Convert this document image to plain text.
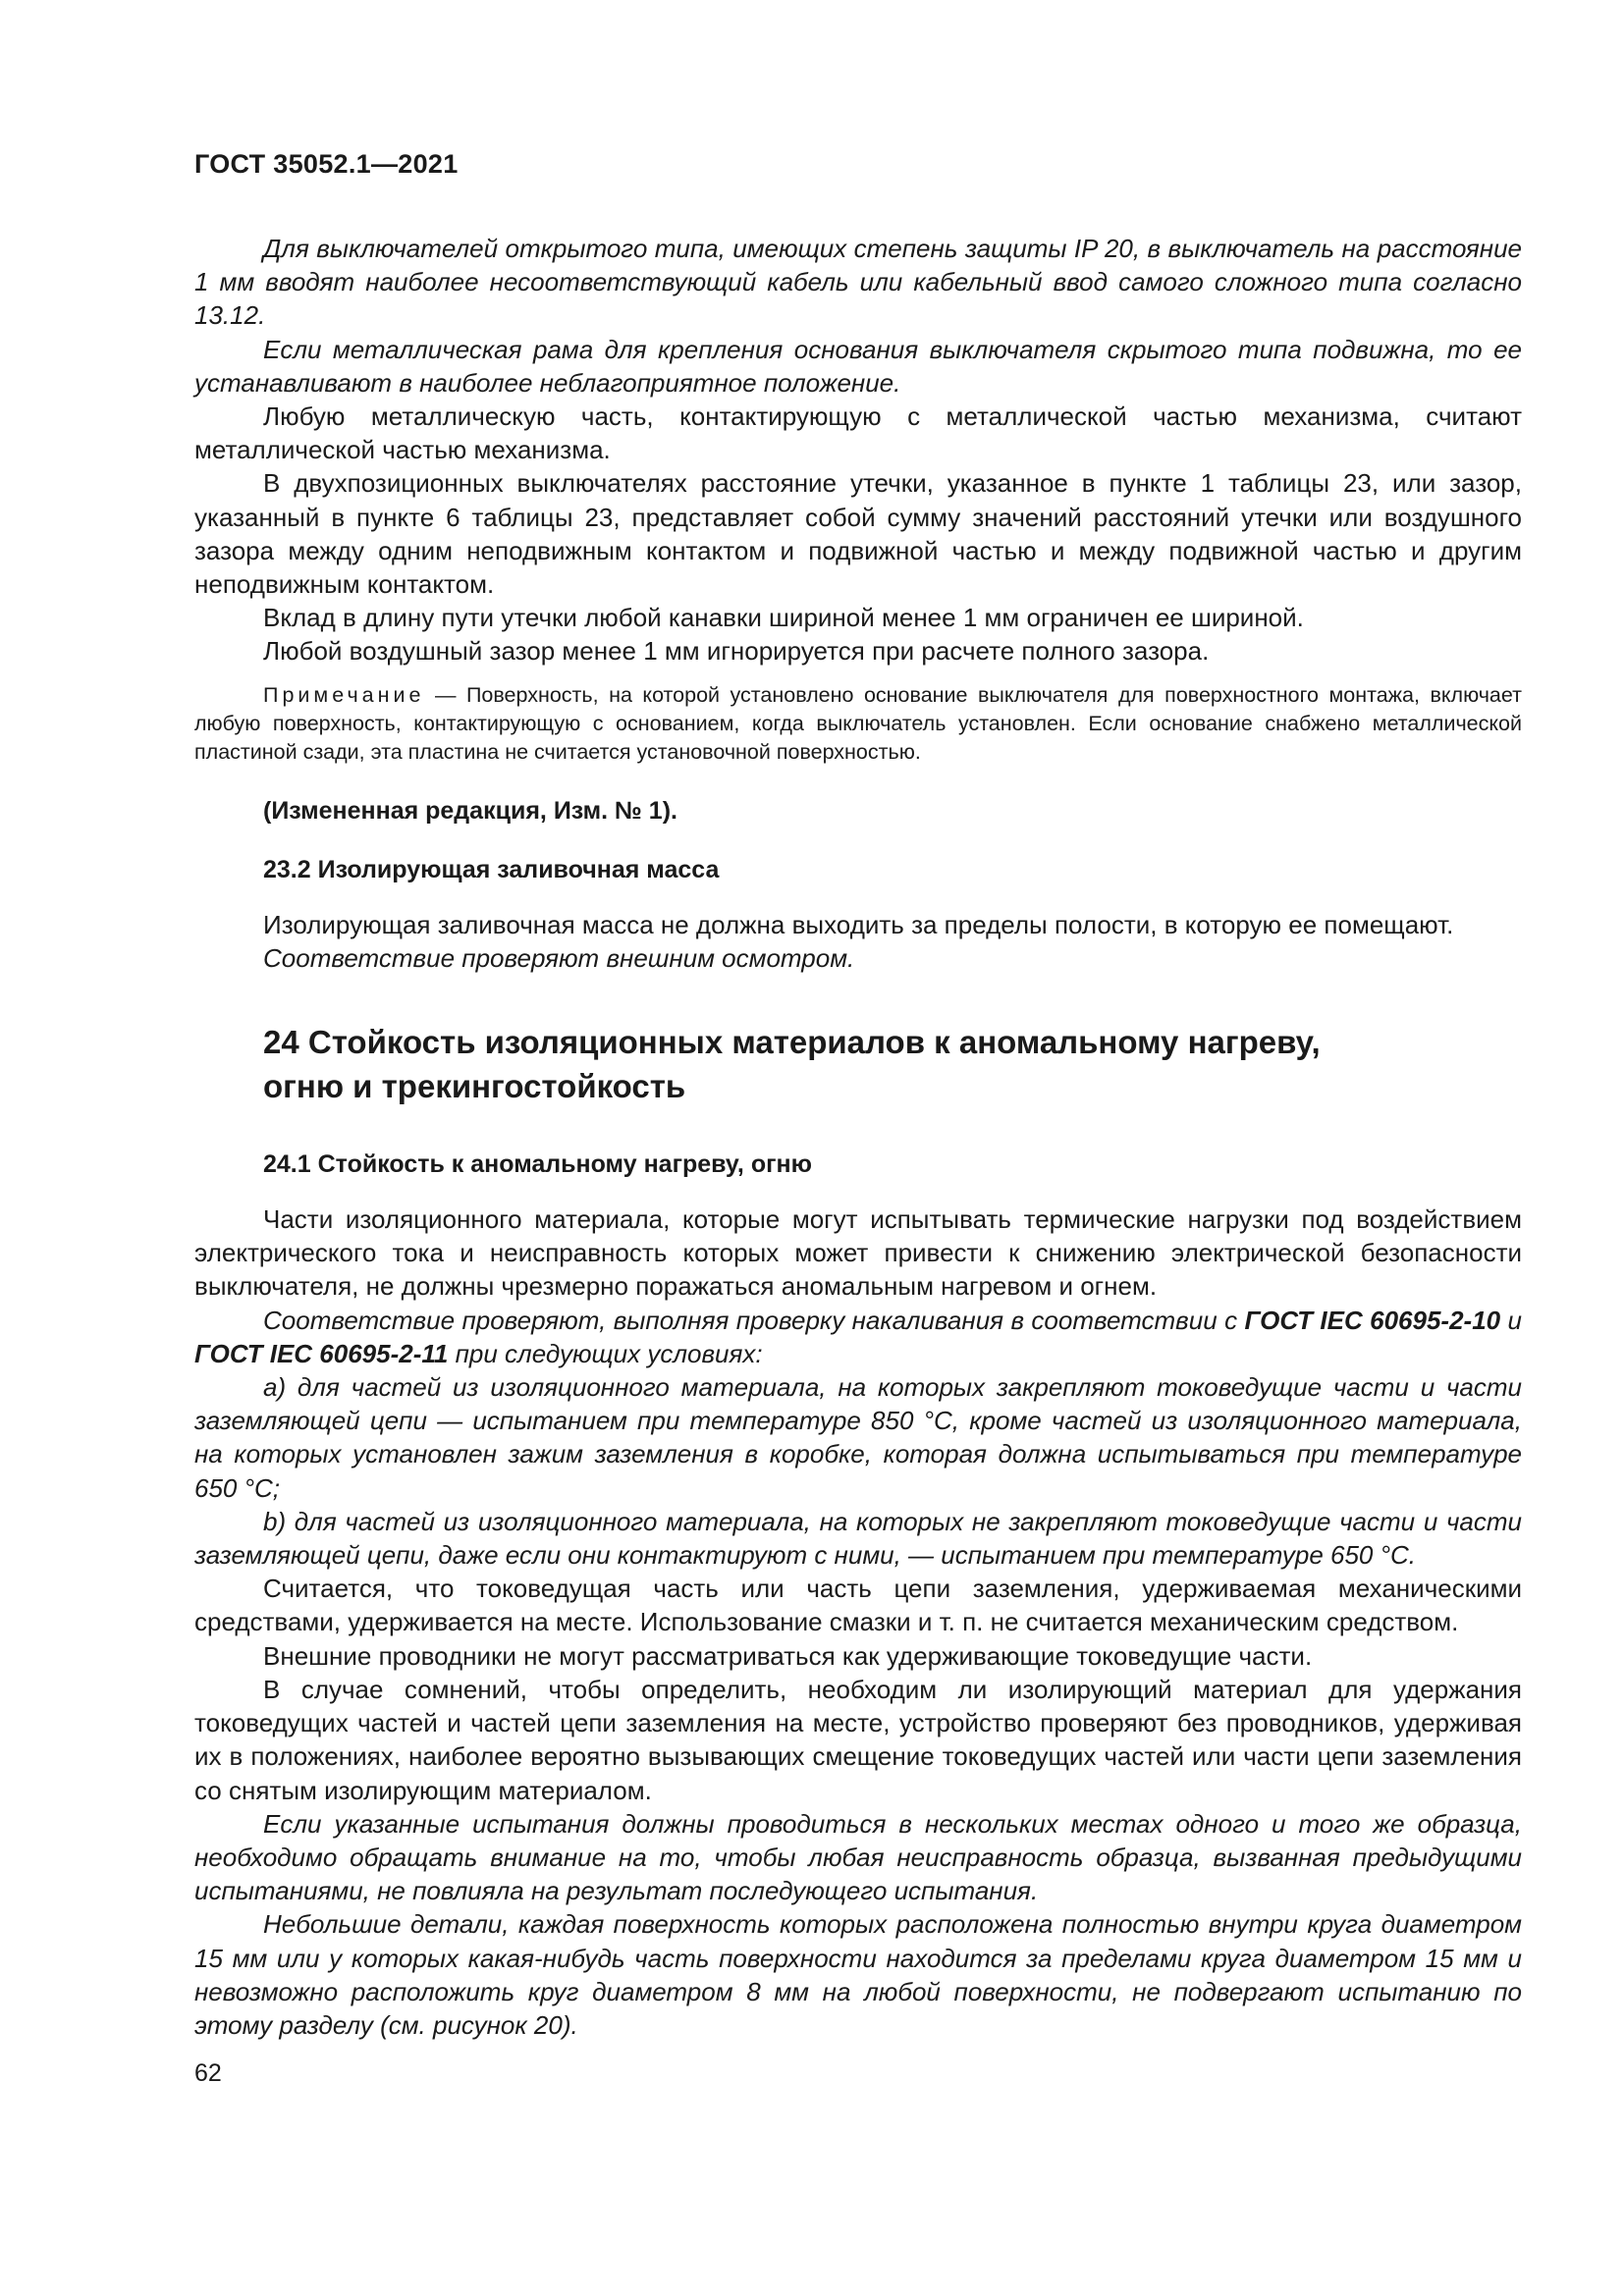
ГОСТ 35052.1—2021

Для выключателей открытого типа, имеющих степень защиты IP 20, в выключатель на расстояние 1 мм вводят наиболее несоответствующий кабель или кабельный ввод самого сложного типа согласно 13.12.

Если металлическая рама для крепления основания выключателя скрытого типа подвижна, то ее устанавливают в наиболее неблагоприятное положение.

Любую металлическую часть, контактирующую с металлической частью механизма, считают металлической частью механизма.

В двухпозиционных выключателях расстояние утечки, указанное в пункте 1 таблицы 23, или зазор, указанный в пункте 6 таблицы 23, представляет собой сумму значений расстояний утечки или воздушного зазора между одним неподвижным контактом и подвижной частью и между подвижной частью и другим неподвижным контактом.

Вклад в длину пути утечки любой канавки шириной менее 1 мм ограничен ее шириной.

Любой воздушный зазор менее 1 мм игнорируется при расчете полного зазора.

Примечание — Поверхность, на которой установлено основание выключателя для поверхностного монтажа, включает любую поверхность, контактирующую с основанием, когда выключатель установлен. Если основание снабжено металлической пластиной сзади, эта пластина не считается установочной поверхностью.
(Измененная редакция, Изм. № 1).
23.2 Изолирующая заливочная масса

Изолирующая заливочная масса не должна выходить за пределы полости, в которую ее помещают.

Соответствие проверяют внешним осмотром.

24 Стойкость изоляционных материалов к аномальному нагреву,
огню и трекингостойкость
24.1 Стойкость к аномальному нагреву, огню

Части изоляционного материала, которые могут испытывать термические нагрузки под воздействием электрического тока и неисправность которых может привести к снижению электрической безопасности выключателя, не должны чрезмерно поражаться аномальным нагревом и огнем.

Соответствие проверяют, выполняя проверку накаливания в соответствии с ГОСТ IEC 60695-2-10 и ГОСТ IEC 60695-2-11 при следующих условиях:

a) для частей из изоляционного материала, на которых закрепляют токоведущие части и части заземляющей цепи — испытанием при температуре 850 °С, кроме частей из изоляционного материала, на которых установлен зажим заземления в коробке, которая должна испытываться при температуре 650 °С;

b) для частей из изоляционного материала, на которых не закрепляют токоведущие части и части заземляющей цепи, даже если они контактируют с ними, — испытанием при температуре 650 °С.

Считается, что токоведущая часть или часть цепи заземления, удерживаемая механическими средствами, удерживается на месте. Использование смазки и т. п. не считается механическим средством.

Внешние проводники не могут рассматриваться как удерживающие токоведущие части.

В случае сомнений, чтобы определить, необходим ли изолирующий материал для удержания токоведущих частей и частей цепи заземления на месте, устройство проверяют без проводников, удерживая их в положениях, наиболее вероятно вызывающих смещение токоведущих частей или части цепи заземления со снятым изолирующим материалом.

Если указанные испытания должны проводиться в нескольких местах одного и того же образца, необходимо обращать внимание на то, чтобы любая неисправность образца, вызванная предыдущими испытаниями, не повлияла на результат последующего испытания.

Небольшие детали, каждая поверхность которых расположена полностью внутри круга диаметром 15 мм или у которых какая-нибудь часть поверхности находится за пределами круга диаметром 15 мм и невозможно расположить круг диаметром 8 мм на любой поверхности, не подвергают испытанию по этому разделу (см. рисунок 20).

62
